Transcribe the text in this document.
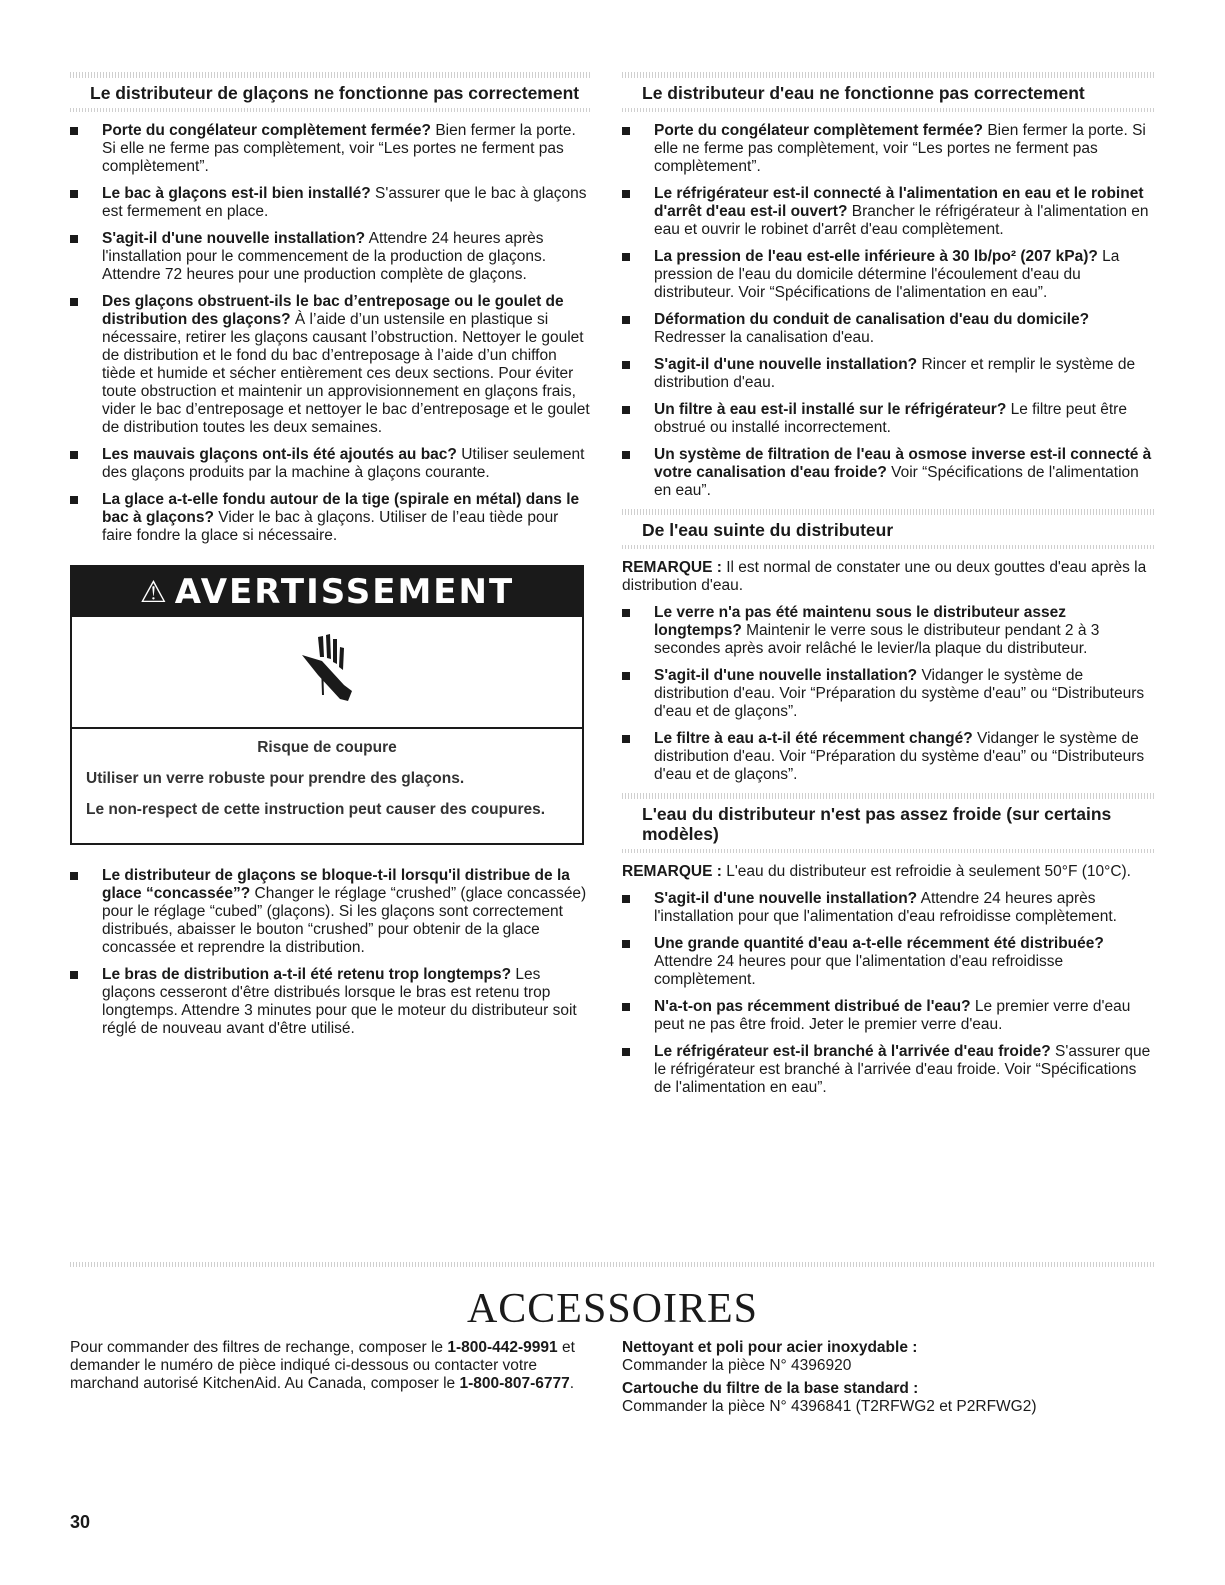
Le distributeur de glaçons ne fonctionne pas correctement
Porte du congélateur complètement fermée? Bien fermer la porte. Si elle ne ferme pas complètement, voir “Les portes ne ferment pas complètement”.
Le bac à glaçons est-il bien installé? S'assurer que le bac à glaçons est fermement en place.
S'agit-il d'une nouvelle installation? Attendre 24 heures après l'installation pour le commencement de la production de glaçons. Attendre 72 heures pour une production complète de glaçons.
Des glaçons obstruent-ils le bac d’entreposage ou le goulet de distribution des glaçons? À l’aide d’un ustensile en plastique si nécessaire, retirer les glaçons causant l’obstruction. Nettoyer le goulet de distribution et le fond du bac d’entreposage à l’aide d’un chiffon tiède et humide et sécher entièrement ces deux sections. Pour éviter toute obstruction et maintenir un approvisionnement en glaçons frais, vider le bac d’entreposage et nettoyer le bac d’entreposage et le goulet de distribution toutes les deux semaines.
Les mauvais glaçons ont-ils été ajoutés au bac? Utiliser seulement des glaçons produits par la machine à glaçons courante.
La glace a-t-elle fondu autour de la tige (spirale en métal) dans le bac à glaçons? Vider le bac à glaçons. Utiliser de l’eau tiède pour faire fondre la glace si nécessaire.
⚠ AVERTISSEMENT

Risque de coupure

Utiliser un verre robuste pour prendre des glaçons.

Le non-respect de cette instruction peut causer des coupures.

Le distributeur de glaçons se bloque-t-il lorsqu'il distribue de la glace “concassée”? Changer le réglage “crushed” (glace concassée) pour le réglage “cubed” (glaçons). Si les glaçons sont correctement distribués, abaisser le bouton “crushed” pour obtenir de la glace concassée et reprendre la distribution.
Le bras de distribution a-t-il été retenu trop longtemps? Les glaçons cesseront d'être distribués lorsque le bras est retenu trop longtemps. Attendre 3 minutes pour que le moteur du distributeur soit réglé de nouveau avant d'être utilisé.
Le distributeur d'eau ne fonctionne pas correctement
Porte du congélateur complètement fermée? Bien fermer la porte. Si elle ne ferme pas complètement, voir “Les portes ne ferment pas complètement”.
Le réfrigérateur est-il connecté à l'alimentation en eau et le robinet d'arrêt d'eau est-il ouvert? Brancher le réfrigérateur à l'alimentation en eau et ouvrir le robinet d'arrêt d'eau complètement.
La pression de l'eau est-elle inférieure à 30 lb/po² (207 kPa)? La pression de l'eau du domicile détermine l'écoulement d'eau du distributeur. Voir “Spécifications de l'alimentation en eau”.
Déformation du conduit de canalisation d'eau du domicile? Redresser la canalisation d'eau.
S'agit-il d'une nouvelle installation? Rincer et remplir le système de distribution d'eau.
Un filtre à eau est-il installé sur le réfrigérateur? Le filtre peut être obstrué ou installé incorrectement.
Un système de filtration de l'eau à osmose inverse est-il connecté à votre canalisation d'eau froide? Voir “Spécifications de l'alimentation en eau”.
De l'eau suinte du distributeur

REMARQUE : Il est normal de constater une ou deux gouttes d'eau après la distribution d'eau.

Le verre n'a pas été maintenu sous le distributeur assez longtemps? Maintenir le verre sous le distributeur pendant 2 à 3 secondes après avoir relâché le levier/la plaque du distributeur.
S'agit-il d'une nouvelle installation? Vidanger le système de distribution d'eau. Voir “Préparation du système d'eau” ou “Distributeurs d'eau et de glaçons”.
Le filtre à eau a-t-il été récemment changé? Vidanger le système de distribution d'eau. Voir “Préparation du système d'eau” ou “Distributeurs d'eau et de glaçons”.
L'eau du distributeur n'est pas assez froide (sur certains modèles)

REMARQUE : L'eau du distributeur est refroidie à seulement 50°F (10°C).

S'agit-il d'une nouvelle installation? Attendre 24 heures après l'installation pour que l'alimentation d'eau refroidisse complètement.
Une grande quantité d'eau a-t-elle récemment été distribuée? Attendre 24 heures pour que l'alimentation d'eau refroidisse complètement.
N'a-t-on pas récemment distribué de l'eau? Le premier verre d'eau peut ne pas être froid. Jeter le premier verre d'eau.
Le réfrigérateur est-il branché à l'arrivée d'eau froide? S'assurer que le réfrigérateur est branché à l'arrivée d'eau froide. Voir “Spécifications de l'alimentation en eau”.
ACCESSOIRES
Pour commander des filtres de rechange, composer le 1-800-442-9991 et demander le numéro de pièce indiqué ci-dessous ou contacter votre marchand autorisé KitchenAid. Au Canada, composer le 1-800-807-6777.
Nettoyant et poli pour acier inoxydable :
Commander la pièce N° 4396920
Cartouche du filtre de la base standard :
Commander la pièce N° 4396841 (T2RFWG2 et P2RFWG2)
30
